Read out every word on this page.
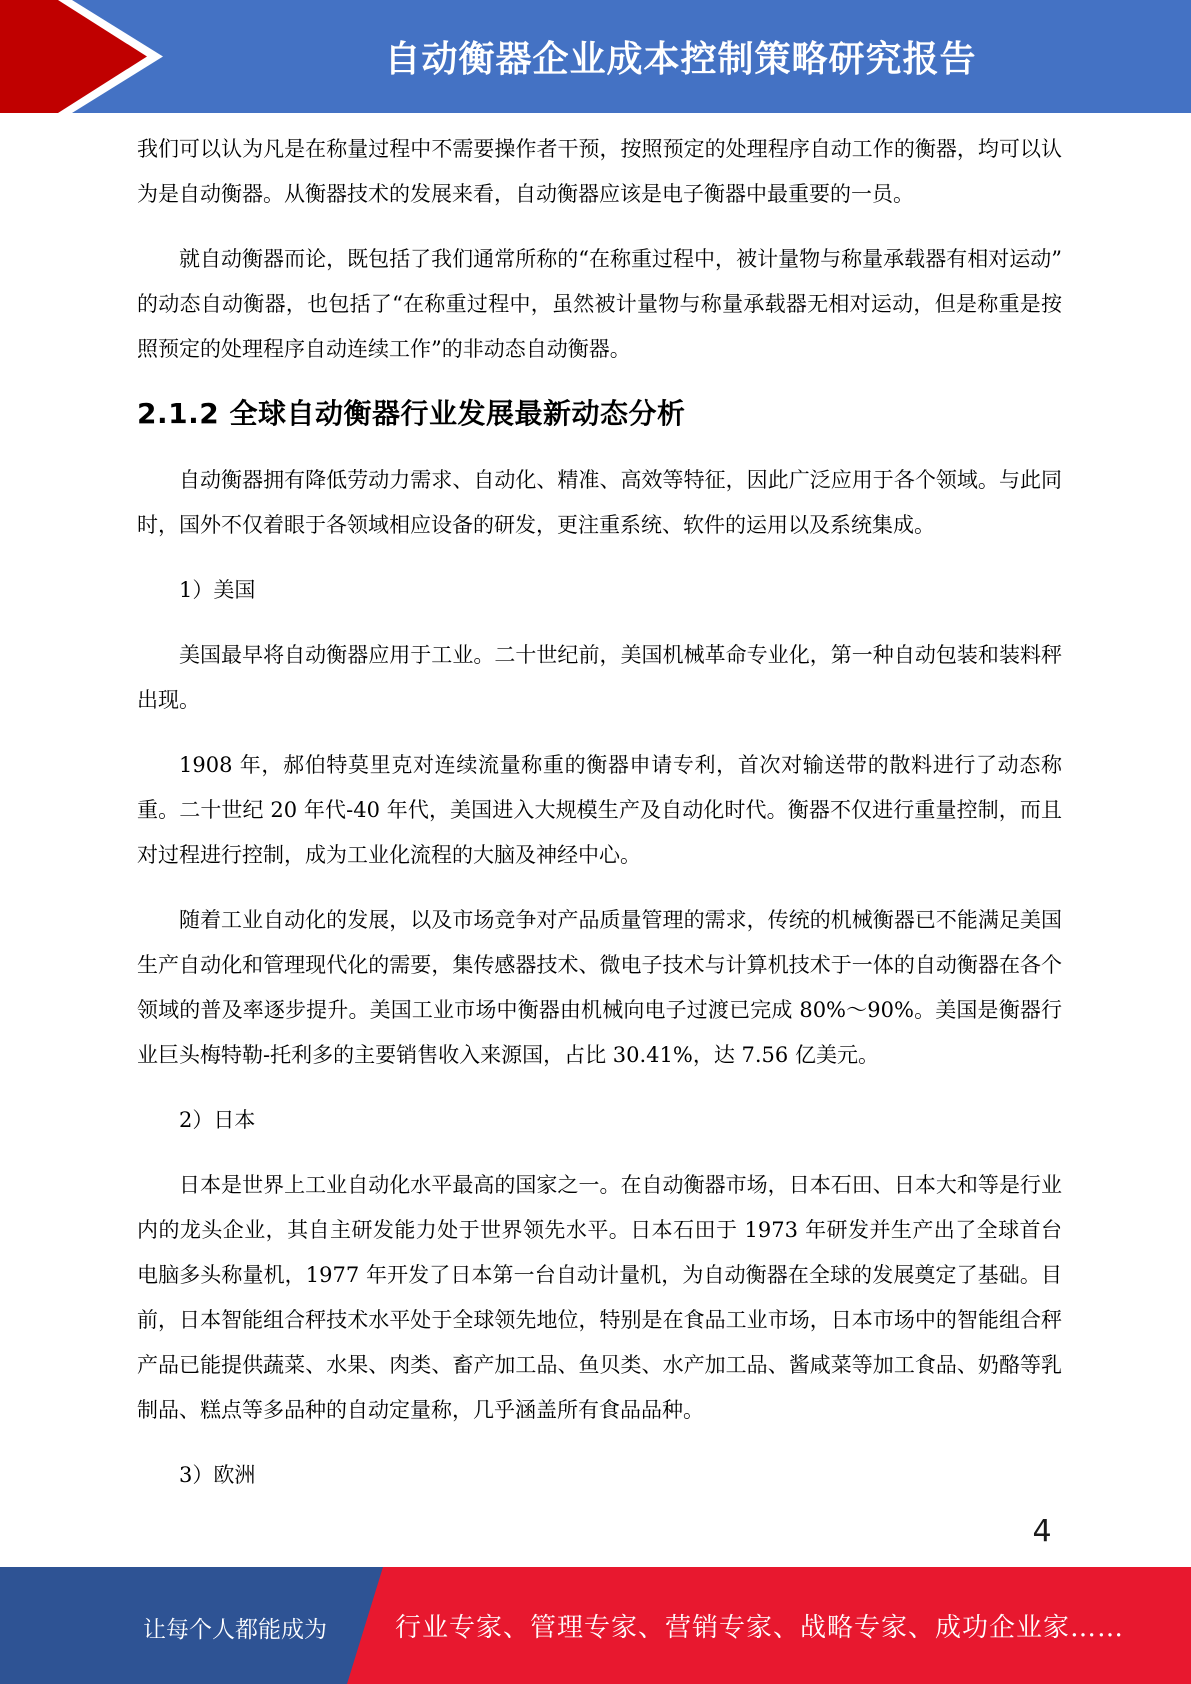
自动衡器企业成本控制策略研究报告

我们可以认为凡是在称量过程中不需要操作者干预，按照预定的处理程序自动工作的衡器，均可以认为是自动衡器。从衡器技术的发展来看，自动衡器应该是电子衡器中最重要的一员。

就自动衡器而论，既包括了我们通常所称的“在称重过程中，被计量物与称量承载器有相对运动”的动态自动衡器，也包括了“在称重过程中，虽然被计量物与称量承载器无相对运动，但是称重是按照预定的处理程序自动连续工作”的非动态自动衡器。

2.1.2 全球自动衡器行业发展最新动态分析

自动衡器拥有降低劳动力需求、自动化、精准、高效等特征，因此广泛应用于各个领域。与此同时，国外不仅着眼于各领域相应设备的研发，更注重系统、软件的运用以及系统集成。

1）美国

美国最早将自动衡器应用于工业。二十世纪前，美国机械革命专业化，第一种自动包装和装料秤出现。

1908 年，郝伯特莫里克对连续流量称重的衡器申请专利，首次对输送带的散料进行了动态称重。二十世纪 20 年代-40 年代，美国进入大规模生产及自动化时代。衡器不仅进行重量控制，而且对过程进行控制，成为工业化流程的大脑及神经中心。

随着工业自动化的发展，以及市场竞争对产品质量管理的需求，传统的机械衡器已不能满足美国生产自动化和管理现代化的需要，集传感器技术、微电子技术与计算机技术于一体的自动衡器在各个领域的普及率逐步提升。美国工业市场中衡器由机械向电子过渡已完成 80%～90%。美国是衡器行业巨头梅特勒-托利多的主要销售收入来源国，占比 30.41%，达 7.56 亿美元。

2）日本

日本是世界上工业自动化水平最高的国家之一。在自动衡器市场，日本石田、日本大和等是行业内的龙头企业，其自主研发能力处于世界领先水平。日本石田于 1973 年研发并生产出了全球首台电脑多头称量机，1977 年开发了日本第一台自动计量机，为自动衡器在全球的发展奠定了基础。目前，日本智能组合秤技术水平处于全球领先地位，特别是在食品工业市场，日本市场中的智能组合秤产品已能提供蔬菜、水果、肉类、畜产加工品、鱼贝类、水产加工品、酱咸菜等加工食品、奶酪等乳制品、糕点等多品种的自动定量称，几乎涵盖所有食品品种。

3）欧洲

4
让每个人都能成为	行业专家、管理专家、营销专家、战略专家、成功企业家……
